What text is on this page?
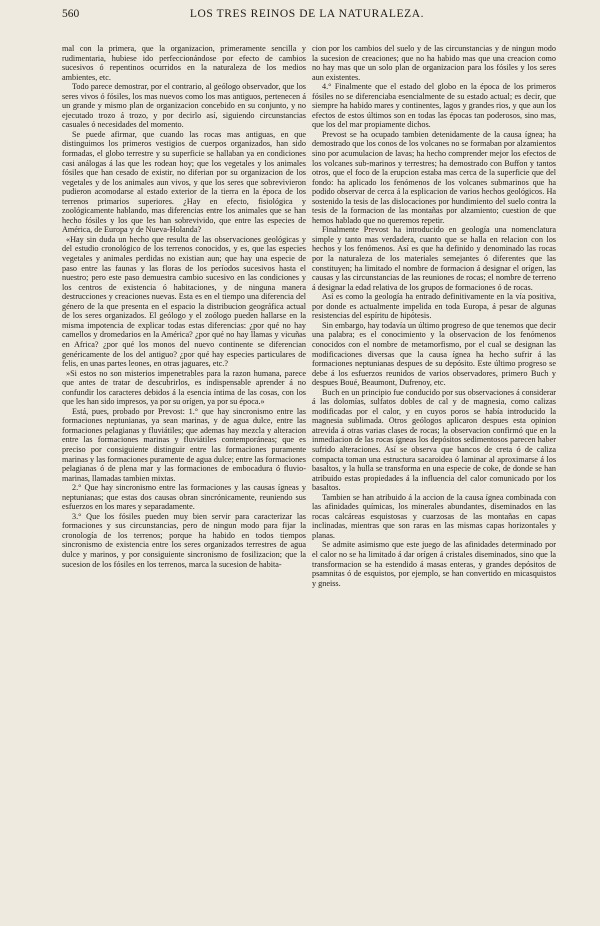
560	LOS TRES REINOS DE LA NATURALEZA.

mal con la primera, que la organizacion, primeramente sencilla y rudimentaria, hubiese ido perfeccionándose por efecto de cambios sucesivos ó repentinos ocurridos en la naturaleza de los medios ambientes, etc.

Todo parece demostrar, por el contrario, al geólogo observador, que los seres vivos ó fósiles, los mas nuevos como los mas antiguos, pertenecen á un grande y mismo plan de organizacion concebido en su conjunto, y no ejecutado trozo á trozo, y por decirlo así, siguiendo circunstancias casuales ó necesidades del momento.

Se puede afirmar, que cuando las rocas mas antiguas, en que distinguimos los primeros vestigios de cuerpos organizados, han sido formadas, el globo terrestre y su superficie se hallaban ya en condiciones casi análogas á las que les rodean hoy; que los vegetales y los animales fósiles que han cesado de existir, no diferian por su organizacion de los vegetales y de los animales aun vivos, y que los seres que sobrevivieron pudieron acomodarse al estado exterior de la tierra en la época de los terrenos primarios superiores. ¿Hay en efecto, fisiológica y zoológicamente hablando, mas diferencias entre los animales que se han hecho fósiles y los que les han sobrevivido, que entre las especies de América, de Europa y de Nueva-Holanda?

«Hay sin duda un hecho que resulta de las observaciones geológicas y del estudio cronológico de los terrenos conocidos, y es, que las especies vegetales y animales perdidas no existian aun; que hay una especie de paso entre las faunas y las floras de los períodos sucesivos hasta el nuestro; pero este paso demuestra cambio sucesivo en las condiciones y los centros de existencia ó habitaciones, y de ninguna manera destrucciones y creaciones nuevas. Esta es en el tiempo una diferencia del género de la que presenta en el espacio la distribucion geográfica actual de los seres organizados. El geólogo y el zoólogo pueden hallarse en la misma impotencia de explicar todas estas diferencias: ¿por qué no hay camellos y dromedarios en la América? ¿por qué no hay llamas y vicuñas en Africa? ¿por qué los monos del nuevo continente se diferencian genéricamente de los del antiguo? ¿por qué hay especies particulares de felis, en unas partes leones, en otras jaguares, etc.?

»Si estos no son misterios impenetrables para la razon humana, parece que antes de tratar de descubrirlos, es indispensable aprender á no confundir los caracteres debidos á la esencia íntima de las cosas, con los que les han sido impresos, ya por su orígen, ya por su época.»

Está, pues, probado por Prevost: 1.° que hay sincronismo entre las formaciones neptunianas, ya sean marinas, y de agua dulce, entre las formaciones pelagianas y fluviátiles; que ademas hay mezcla y alteracion entre las formaciones marinas y fluviátiles contemporáneas; que es preciso por consiguiente distinguir entre las formaciones puramente marinas y las formaciones puramente de agua dulce; entre las formaciones pelagianas ó de plena mar y las formaciones de embocadura ó fluvio-marinas, llamadas tambien mixtas.

2.° Que hay sincronismo entre las formaciones y las causas ígneas y neptunianas; que estas dos causas obran sincrónicamente, reuniendo sus esfuerzos en los mares y separadamente.

3.° Que los fósiles pueden muy bien servir para caracterizar las formaciones y sus circunstancias, pero de ningun modo para fijar la cronología de los terrenos; porque ha habido en todos tiempos sincronismo de existencia entre los seres organizados terrestres de agua dulce y marinos, y por consiguiente sincronismo de fosilizacion; que la sucesion de los fósiles en los terrenos, marca la sucesion de habita-

cion por los cambios del suelo y de las circunstancias y de ningun modo la sucesion de creaciones; que no ha habido mas que una creacion como no hay mas que un solo plan de organizacion para los fósiles y los seres aun existentes.

4.° Finalmente que el estado del globo en la época de los primeros fósiles no se diferenciaba esencialmente de su estado actual; es decir, que siempre ha habido mares y continentes, lagos y grandes rios, y que aun los efectos de estos últimos son en todas las épocas tan poderosos, sino mas, que los del mar propiamente dichos.

Prevost se ha ocupado tambien detenidamente de la causa ígnea; ha demostrado que los conos de los volcanes no se formaban por alzamientos sino por acumulacion de lavas; ha hecho comprender mejor los efectos de los volcanes sub-marinos y terrestres; ha demostrado con Buffon y tantos otros, que el foco de la erupcion estaba mas cerca de la superficie que del fondo: ha aplicado los fenómenos de los volcanes submarinos que ha podido observar de cerca á la esplicacion de varios hechos geológicos. Ha sostenido la tesis de las dislocaciones por hundimiento del suelo contra la tesis de la formacion de las montañas por alzamiento; cuestion de que hemos hablado que no queremos repetir.

Finalmente Prevost ha introducido en geología una nomenclatura simple y tanto mas verdadera, cuanto que se halla en relacion con los hechos y los fenómenos. Así es que ha definido y denominado las rocas por la naturaleza de los materiales semejantes ó diferentes que las constituyen; ha limitado el nombre de formacion á designar el orígen, las causas y las circunstancias de las reuniones de rocas; el nombre de terreno á designar la edad relativa de los grupos de formaciones ó de rocas.

Así es como la geología ha entrado definitivamente en la vía positiva, por donde es actualmente impelida en toda Europa, á pesar de algunas resistencias del espíritu de hipótesis.

Sin embargo, hay todavía un último progreso de que tenemos que decir una palabra; es el conocimiento y la observacion de los fenómenos conocidos con el nombre de metamorfismo, por el cual se designan las modificaciones diversas que la causa ígnea ha hecho sufrir á las formaciones neptunianas despues de su depósito. Este último progreso se debe á los esfuerzos reunidos de varios observadores, primero Buch y despues Boué, Beaumont, Dufrenoy, etc.

Buch en un principio fue conducido por sus observaciones á considerar á las dolomías, sulfatos dobles de cal y de magnesia, como calizas modificadas por el calor, y en cuyos poros se había introducido la magnesia sublimada. Otros geólogos aplicaron despues esta opinion atrevida á otras varias clases de rocas; la observacion confirmó que en la inmediacion de las rocas ígneas los depósitos sedimentosos parecen haber sufrido alteraciones. Así se observa que bancos de creta ó de caliza compacta toman una estructura sacaroidea ó laminar al aproximarse á los basaltos, y la hulla se transforma en una especie de coke, de donde se han atribuido estas propiedades á la influencia del calor comunicado por los basaltos.

Tambien se han atribuido á la accion de la causa ígnea combinada con las afinidades químicas, los minerales abundantes, diseminados en las rocas calcáreas esquistosas y cuarzosas de las montañas en capas inclinadas, mientras que son raras en las mismas capas horizontales y planas.

Se admite asimismo que este juego de las afinidades determinado por el calor no se ha limitado á dar orígen á cristales diseminados, sino que la transformacion se ha estendido á masas enteras, y grandes depósitos de psamnitas ó de esquistos, por ejemplo, se han convertido en micasquistos y gneiss.
